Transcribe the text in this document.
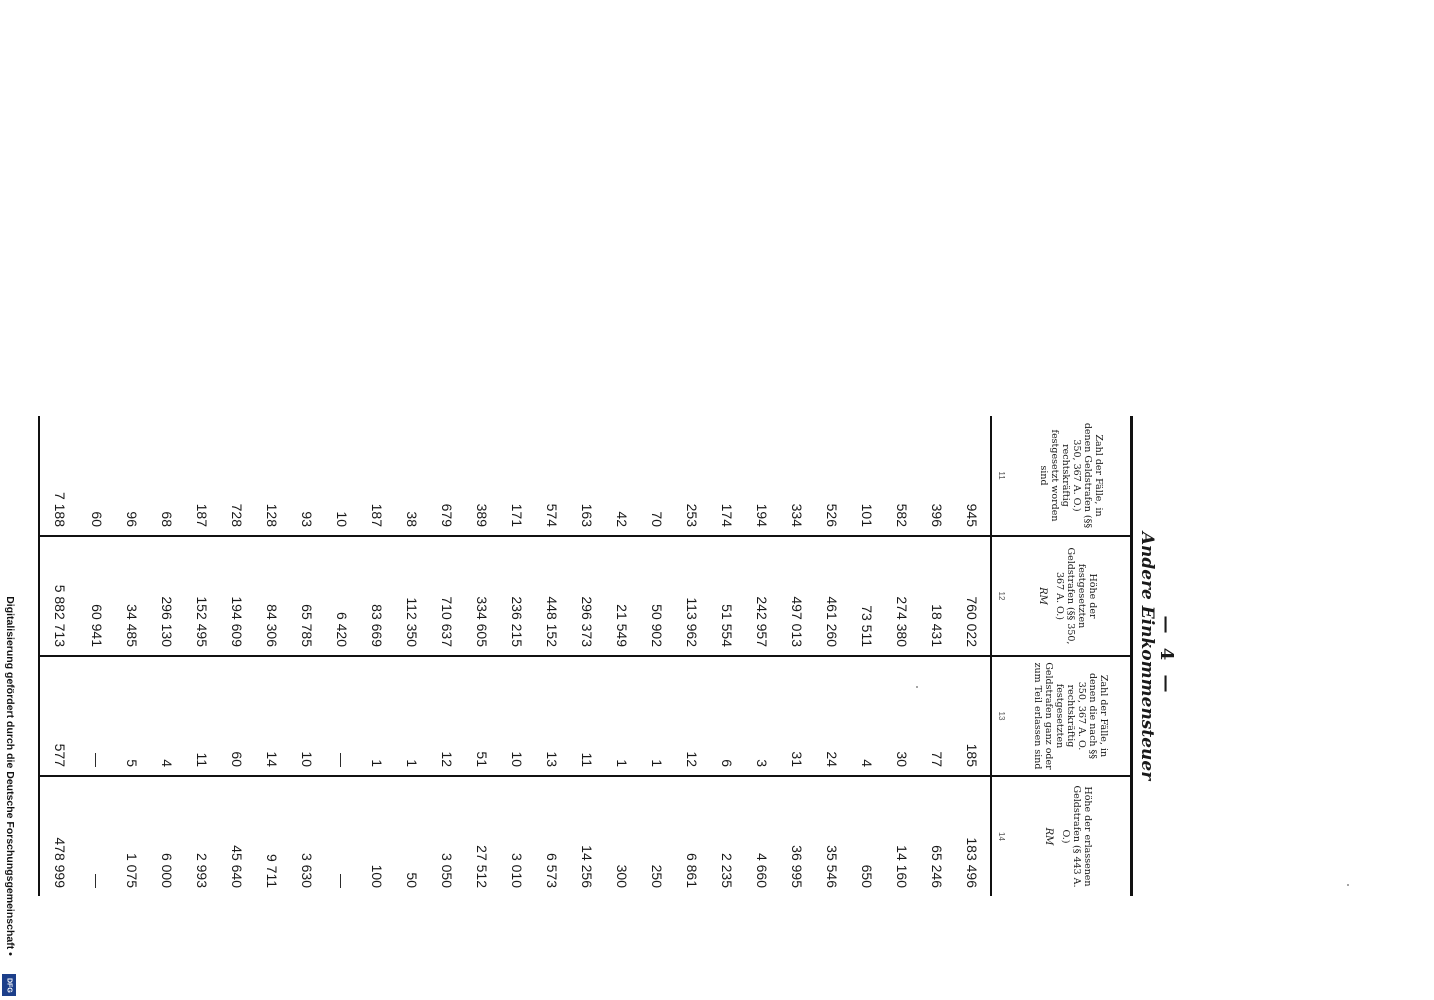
— 4 —
Andere Einkommensteuer
Zahl der Fälle, in denen Geldstrafen (§§ 350, 367 A. O.) rechtskräftig festgesetzt worden sind	Höhe der festgesetzten Geldstrafen (§§ 350, 367 A. O.)
RM	Zahl der Fälle, in denen die nach §§ 350, 367 A. O. rechtskräftig festgesetzten Geldstrafen ganz oder zum Teil erlassen sind	Höhe der erlassenen Geldstrafen (§ 443 A. O.)
RM

11	12	13	14
945	760 022	185	183 496
396	18 431	77	65 246
582	274 380	30	14 160
101	73 511	4	650
526	461 260	24	35 546
334	497 013	31	36 995
194	242 957	3	4 660
174	51 554	6	2 235
253	113 962	12	6 861
70	50 902	1	250
42	21 549	1	300
163	296 373	11	14 256
574	448 152	13	6 573
171	236 215	10	3 010
389	334 605	51	27 512
679	710 637	12	3 050
38	112 350	1	50
187	83 669	1	100
10	6 420	—	—
93	65 785	10	3 630
128	84 306	14	9 711
728	194 609	60	45 640
187	152 495	11	2 993
68	296 130	4	6 000
96	34 485	5	1 075
60	60 941	—	—
7 188	5 882 713	577	478 999
Digitalisierung gefördert durch die Deutsche Forschungsgemeinschaft •
DFG
